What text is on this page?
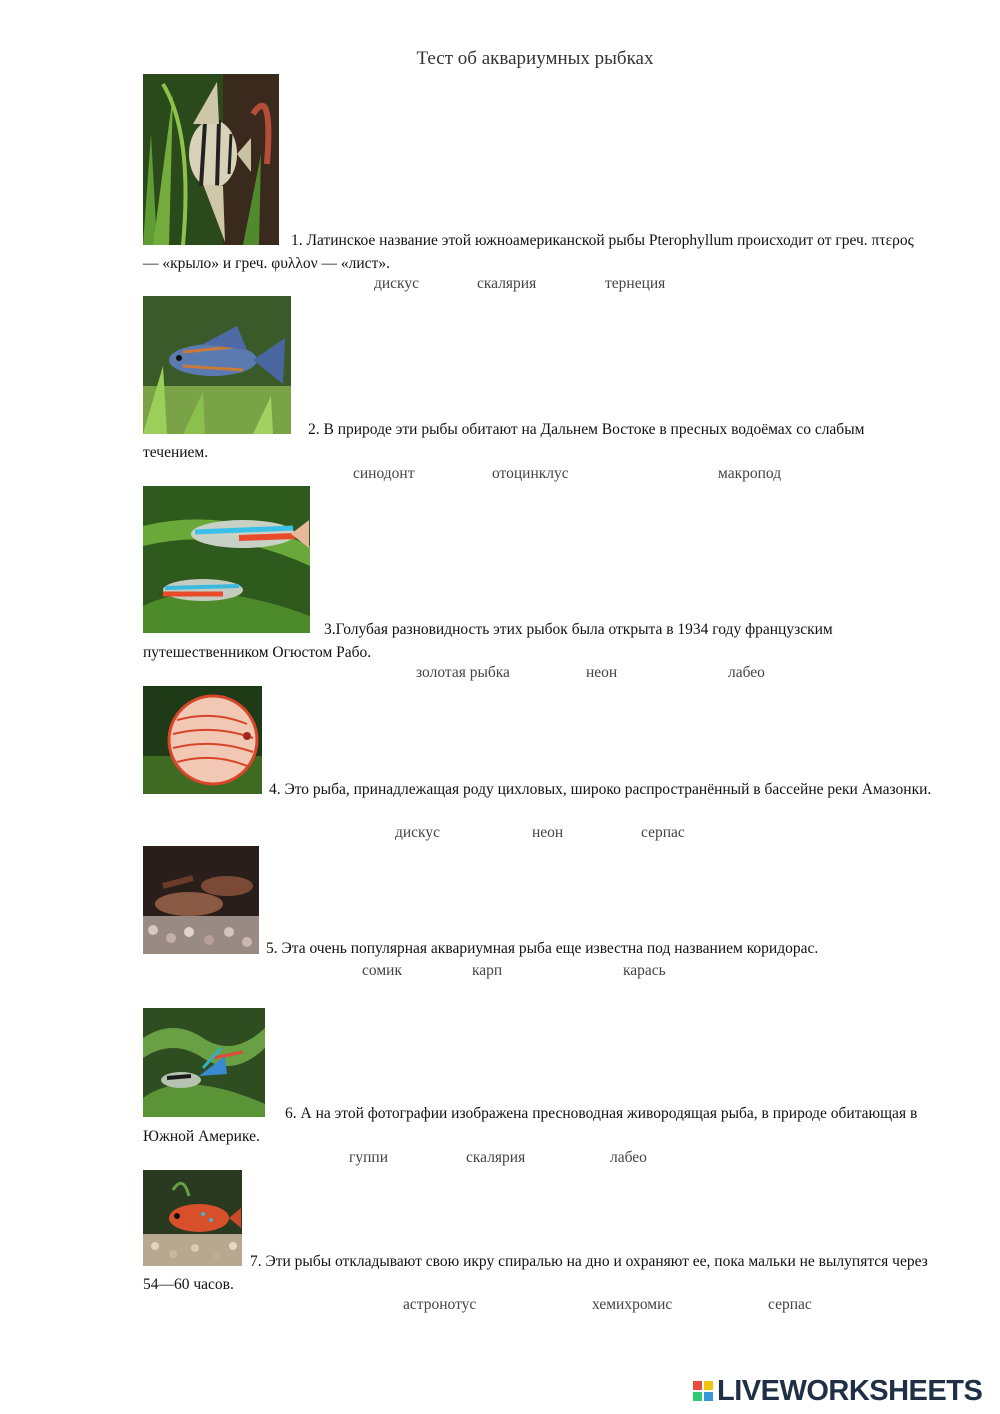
Тест об аквариумных рыбках
1. Латинское название этой южноамериканской рыбы Pterophyllum происходит от греч. πτερος — «крыло» и греч. φυλλον — «лист».
дискус	скалярия	тернеция
2. В природе эти рыбы обитают на Дальнем Востоке в пресных водоёмах со слабым течением.
синодонт	отоцинклус	макропод
3.Голубая разновидность этих рыбок была открыта в 1934 году французским путешественником Огюстом Рабо.
золотая рыбка	неон	лабео
4. Это рыба, принадлежащая роду цихловых, широко распространённый в бассейне реки Амазонки.
дискус	неон	серпас
5. Эта очень популярная аквариумная рыба еще известна под названием коридорас.
сомик	карп	карась
6. А на этой фотографии изображена пресноводная живородящая рыба, в природе обитающая в Южной Америке.
гуппи	скалярия	лабео
7. Эти рыбы откладывают свою икру спиралью на дно и охраняют ее, пока мальки не вылупятся через 54—60 часов.
астронотус	хемихромис	серпас
LIVEWORKSHEETS
